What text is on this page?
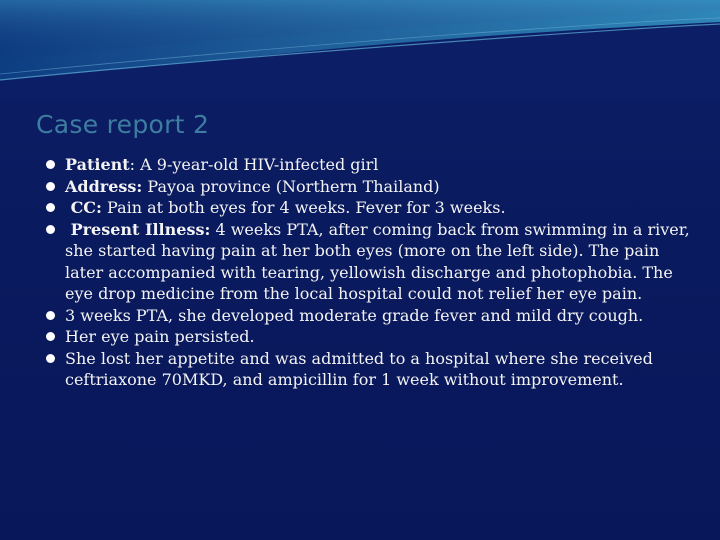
Case report 2
Patient: A 9-year-old HIV-infected girl
Address: Payoa province (Northern Thailand)
CC: Pain at both eyes for 4 weeks. Fever for 3 weeks.
Present Illness: 4 weeks PTA, after coming back from swimming in a river, she started having pain at her both eyes (more on the left side). The pain later accompanied with tearing, yellowish discharge and photophobia. The eye drop medicine from the local hospital could not relief her eye pain.
3 weeks PTA, she developed moderate grade fever and mild dry cough.
Her eye pain persisted.
She lost her appetite and was admitted to a hospital where she received ceftriaxone 70MKD, and ampicillin for 1 week without improvement.
